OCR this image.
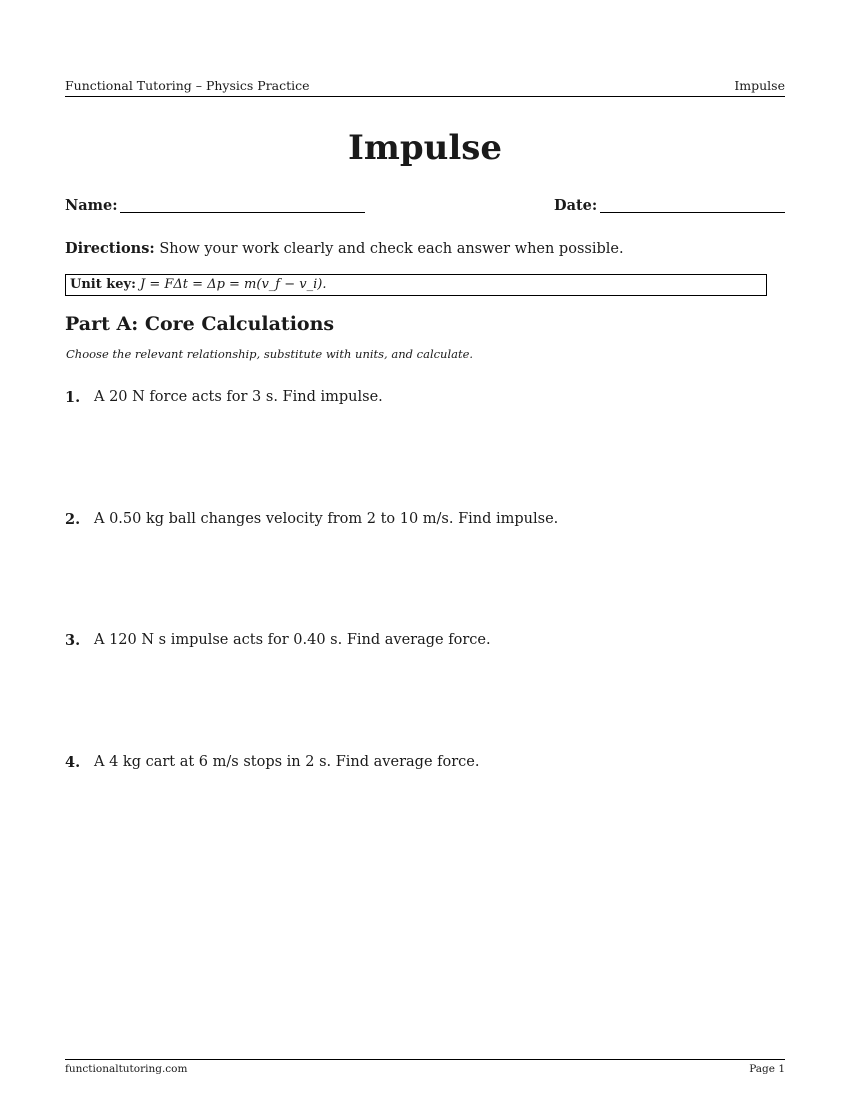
Functional Tutoring – Physics Practice	Impulse
Impulse
Name:	Date:
Directions: Show your work clearly and check each answer when possible.
Unit key: J = FΔt = Δp = m(v_f − v_i).
Part A: Core Calculations
Choose the relevant relationship, substitute with units, and calculate.
1. A 20 N force acts for 3 s. Find impulse.
2. A 0.50 kg ball changes velocity from 2 to 10 m/s. Find impulse.
3. A 120 N s impulse acts for 0.40 s. Find average force.
4. A 4 kg cart at 6 m/s stops in 2 s. Find average force.
functionaltutoring.com	Page 1
